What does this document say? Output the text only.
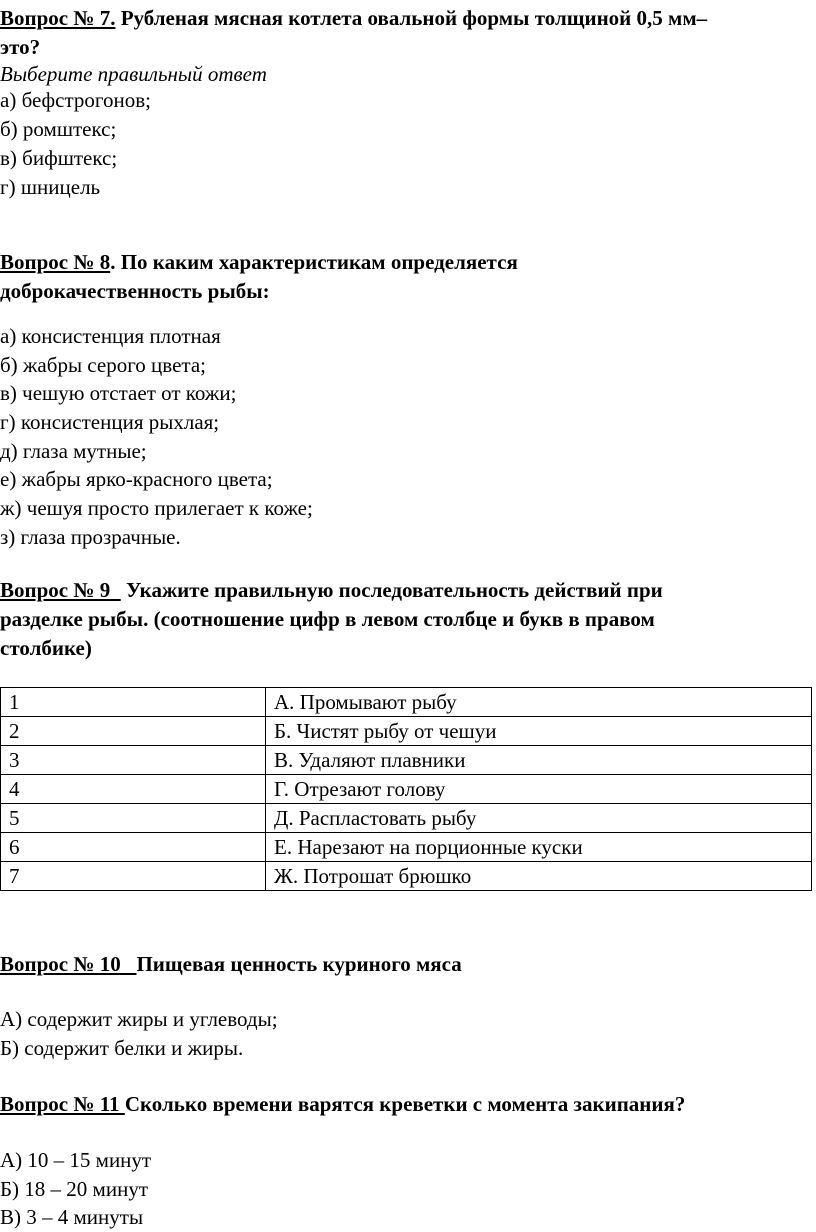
Вопрос № 7. Рубленая мясная котлета овальной формы толщиной 0,5 мм–
это?
Выберите правильный ответ
а) бефстрогонов;
б) ромштекс;
в) бифштекс;
г) шницель
Вопрос № 8. По каким характеристикам определяется
доброкачественность рыбы:
а) консистенция плотная
б) жабры серого цвета;
в) чешую отстает от кожи;
г) консистенция рыхлая;
д) глаза мутные;
е) жабры ярко-красного цвета;
ж) чешуя просто прилегает к коже;
з) глаза прозрачные.
Вопрос № 9   Укажите правильную последовательность действий при
разделке рыбы. (соотношение цифр в левом столбце и букв в правом
столбике)
1	А. Промывают рыбу
2	Б. Чистят рыбу от чешуи
3	В. Удаляют плавники
4	Г. Отрезают голову
5	Д. Распластовать рыбу
6	Е. Нарезают на порционные куски
7	Ж. Потрошат брюшко
Вопрос № 10   Пищевая ценность куриного мяса
А) содержит жиры и углеводы;
Б) содержит белки и жиры.
Вопрос № 11 Сколько времени варятся креветки с момента закипания?
А) 10 – 15 минут
Б) 18 – 20 минут
В) 3 – 4 минуты
